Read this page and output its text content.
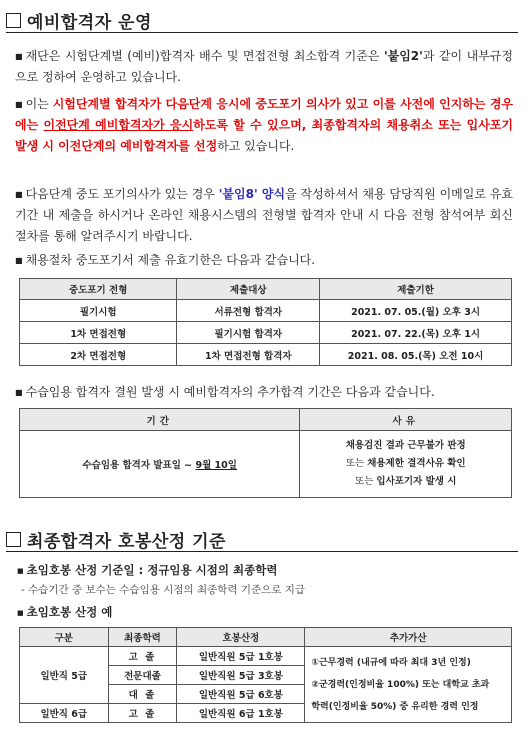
예비합격자 운영
■ 재단은 시험단계별 (예비)합격자 배수 및 면접전형 최소합격 기준은 '붙임2'과 같이 내부규정으로 정하여 운영하고 있습니다.
■ 이는 시험단계별 합격자가 다음단계 응시에 중도포기 의사가 있고 이를 사전에 인지하는 경우에는 이전단계 예비합격자가 응시하도록 할 수 있으며, 최종합격자의 채용취소 또는 입사포기 발생 시 이전단계의 예비합격자를 선정하고 있습니다.
■ 다음단계 중도 포기의사가 있는 경우 '붙임8' 양식을 작성하셔서 채용 담당직원 이메일로 유효기간 내 제출을 하시거나 온라인 채용시스템의 전형별 합격자 안내 시 다음 전형 참석여부 회신 절차를 통해 알려주시기 바랍니다.
■ 채용절차 중도포기서 제출 유효기한은 다음과 같습니다.
중도포기 전형	제출대상	제출기한
필기시험	서류전형 합격자	2021. 07. 05.(월) 오후 3시
1차 면접전형	필기시험 합격자	2021. 07. 22.(목) 오후 1시
2차 면접전형	1차 면접전형 합격자	2021. 08. 05.(목) 오전 10시
■ 수습임용 합격자 결원 발생 시 예비합격자의 추가합격 기간은 다음과 같습니다.
기간	사유
수습임용 합격자 발표일 ~ 9월 10일	채용검진 결과 근무불가 판정
또는 채용제한 결격사유 확인
또는 입사포기자 발생 시
최종합격자 호봉산정 기준
■ 초임호봉 산정 기준일 : 정규임용 시점의 최종학력
- 수습기간 중 보수는 수습임용 시점의 최종학력 기준으로 지급
■ 초임호봉 산정 예
구분	최종학력	호봉산정	추가가산
일반직 5급	고 졸	일반직원 5급 1호봉	①근무경력 (내규에 따라 최대 3년 인정)
②군경력(인정비율 100%) 또는 대학교 초과
학력(인정비율 50%) 중 유리한 경력 인정

	전문대졸	일반직원 5급 3호봉	
	대 졸	일반직원 5급 6호봉	
일반직 6급	고 졸	일반직원 6급 1호봉	
